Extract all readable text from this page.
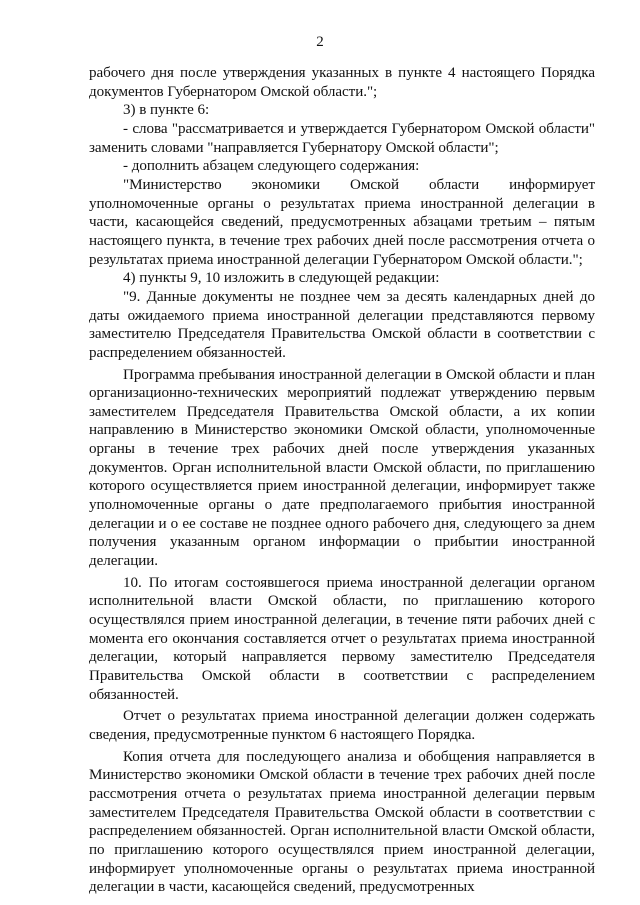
2

рабочего дня после утверждения указанных в пункте 4 настоящего Порядка документов Губернатором Омской области.";

3) в пункте 6:

- слова "рассматривается и утверждается Губернатором Омской области" заменить словами "направляется Губернатору Омской области";

- дополнить абзацем следующего содержания:

"Министерство экономики Омской области информирует уполномоченные органы о результатах приема иностранной делегации в части, касающейся сведений, предусмотренных абзацами третьим – пятым настоящего пункта, в течение трех рабочих дней после рассмотрения отчета о результатах приема иностранной делегации Губернатором Омской области.";

4) пункты 9, 10 изложить в следующей редакции:

"9. Данные документы не позднее чем за десять календарных дней до даты ожидаемого приема иностранной делегации представляются первому заместителю Председателя Правительства Омской области в соответствии с распределением обязанностей.

Программа пребывания иностранной делегации в Омской области и план организационно-технических мероприятий подлежат утверждению первым заместителем Председателя Правительства Омской области, а их копии направлению в Министерство экономики Омской области, уполномоченные органы в течение трех рабочих дней после утверждения указанных документов. Орган исполнительной власти Омской области, по приглашению которого осуществляется прием иностранной делегации, информирует также уполномоченные органы о дате предполагаемого прибытия иностранной делегации и о ее составе не позднее одного рабочего дня, следующего за днем получения указанным органом информации о прибытии иностранной делегации.

10. По итогам состоявшегося приема иностранной делегации органом исполнительной власти Омской области, по приглашению которого осуществлялся прием иностранной делегации, в течение пяти рабочих дней с момента его окончания составляется отчет о результатах приема иностранной делегации, который направляется первому заместителю Председателя Правительства Омской области в соответствии с распределением обязанностей.

Отчет о результатах приема иностранной делегации должен содержать сведения, предусмотренные пунктом 6 настоящего Порядка.

Копия отчета для последующего анализа и обобщения направляется в Министерство экономики Омской области в течение трех рабочих дней после рассмотрения отчета о результатах приема иностранной делегации первым заместителем Председателя Правительства Омской области в соответствии с распределением обязанностей. Орган исполнительной власти Омской области, по приглашению которого осуществлялся прием иностранной делегации, информирует уполномоченные органы о результатах приема иностранной делегации в части, касающейся сведений, предусмотренных
